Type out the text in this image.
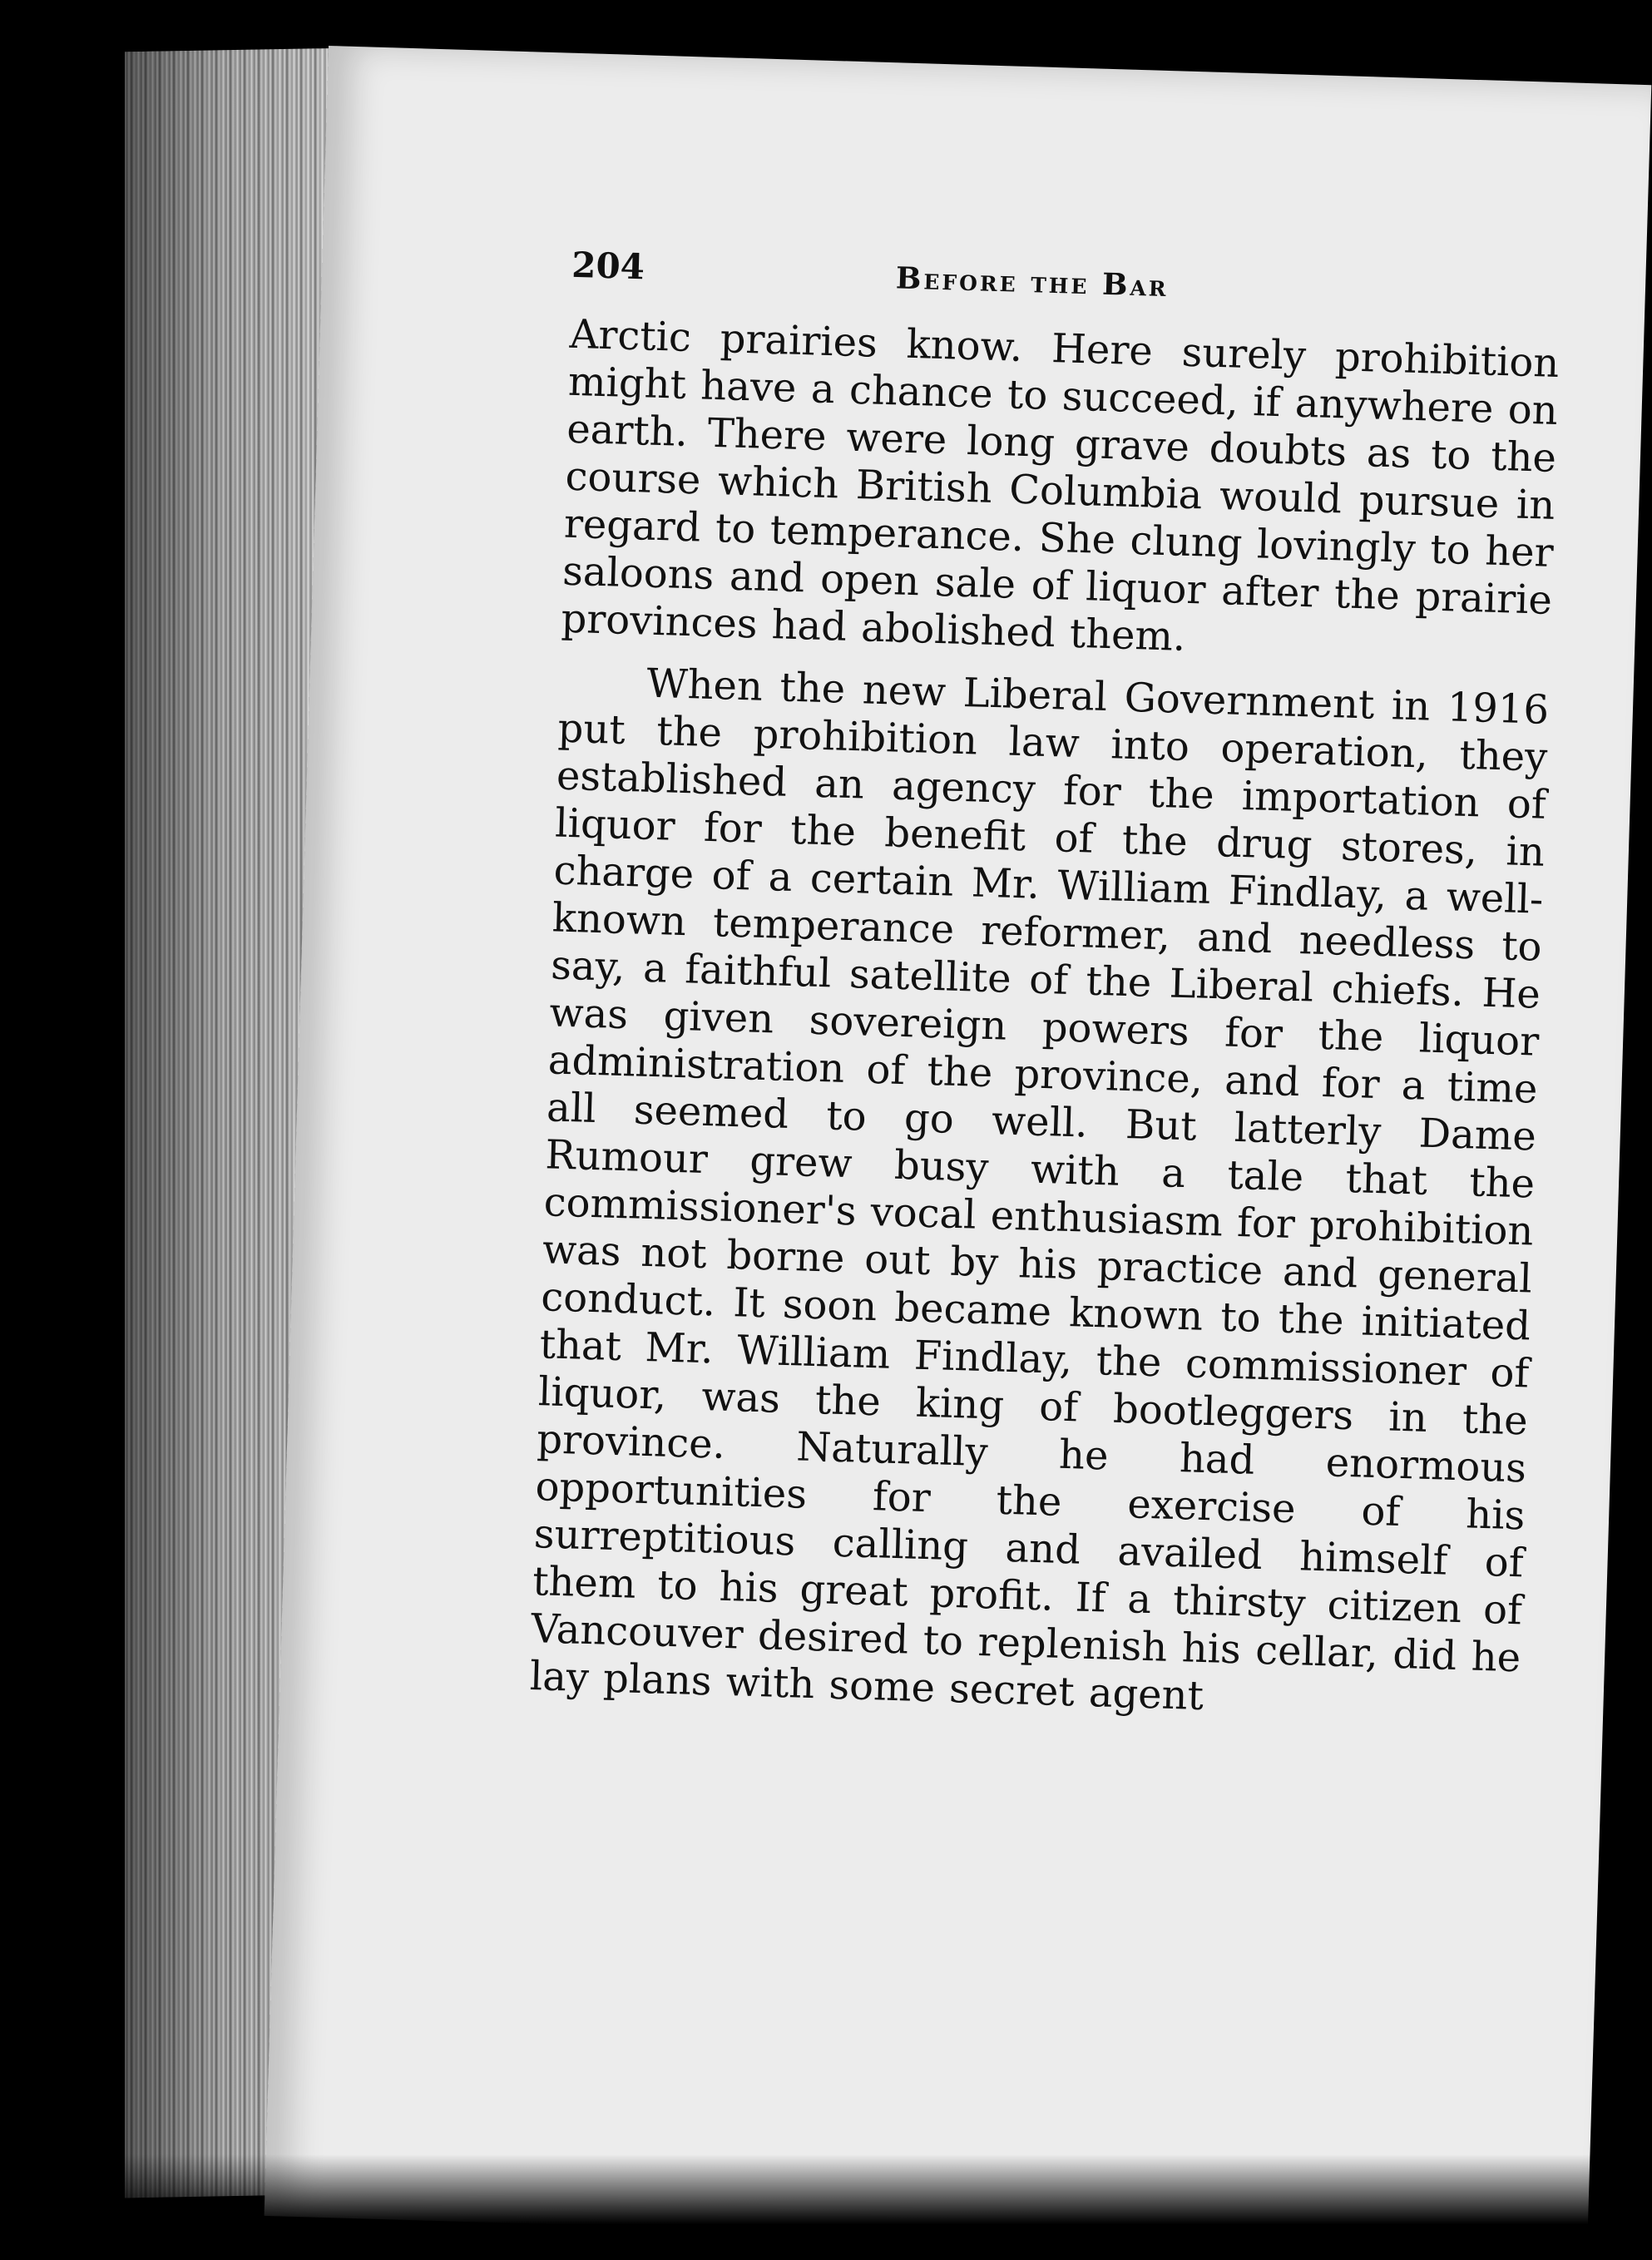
204	Before the Bar

Arctic prairies know. Here surely prohibition might have a chance to succeed, if anywhere on earth. There were long grave doubts as to the course which British Columbia would pursue in regard to temperance. She clung lovingly to her saloons and open sale of liquor after the prairie provinces had abolished them.

When the new Liberal Government in 1916 put the prohibition law into operation, they established an agency for the importation of liquor for the benefit of the drug stores, in charge of a certain Mr. William Findlay, a well-known temperance reformer, and needless to say, a faithful satellite of the Liberal chiefs. He was given sovereign powers for the liquor administration of the province, and for a time all seemed to go well. But latterly Dame Rumour grew busy with a tale that the commissioner's vocal enthusiasm for prohibition was not borne out by his practice and general conduct. It soon became known to the initiated that Mr. William Findlay, the commissioner of liquor, was the king of bootleggers in the province. Naturally he had enormous opportunities for the exercise of his surreptitious calling and availed himself of them to his great profit. If a thirsty citizen of Vancouver desired to replenish his cellar, did he lay plans with some secret agent
